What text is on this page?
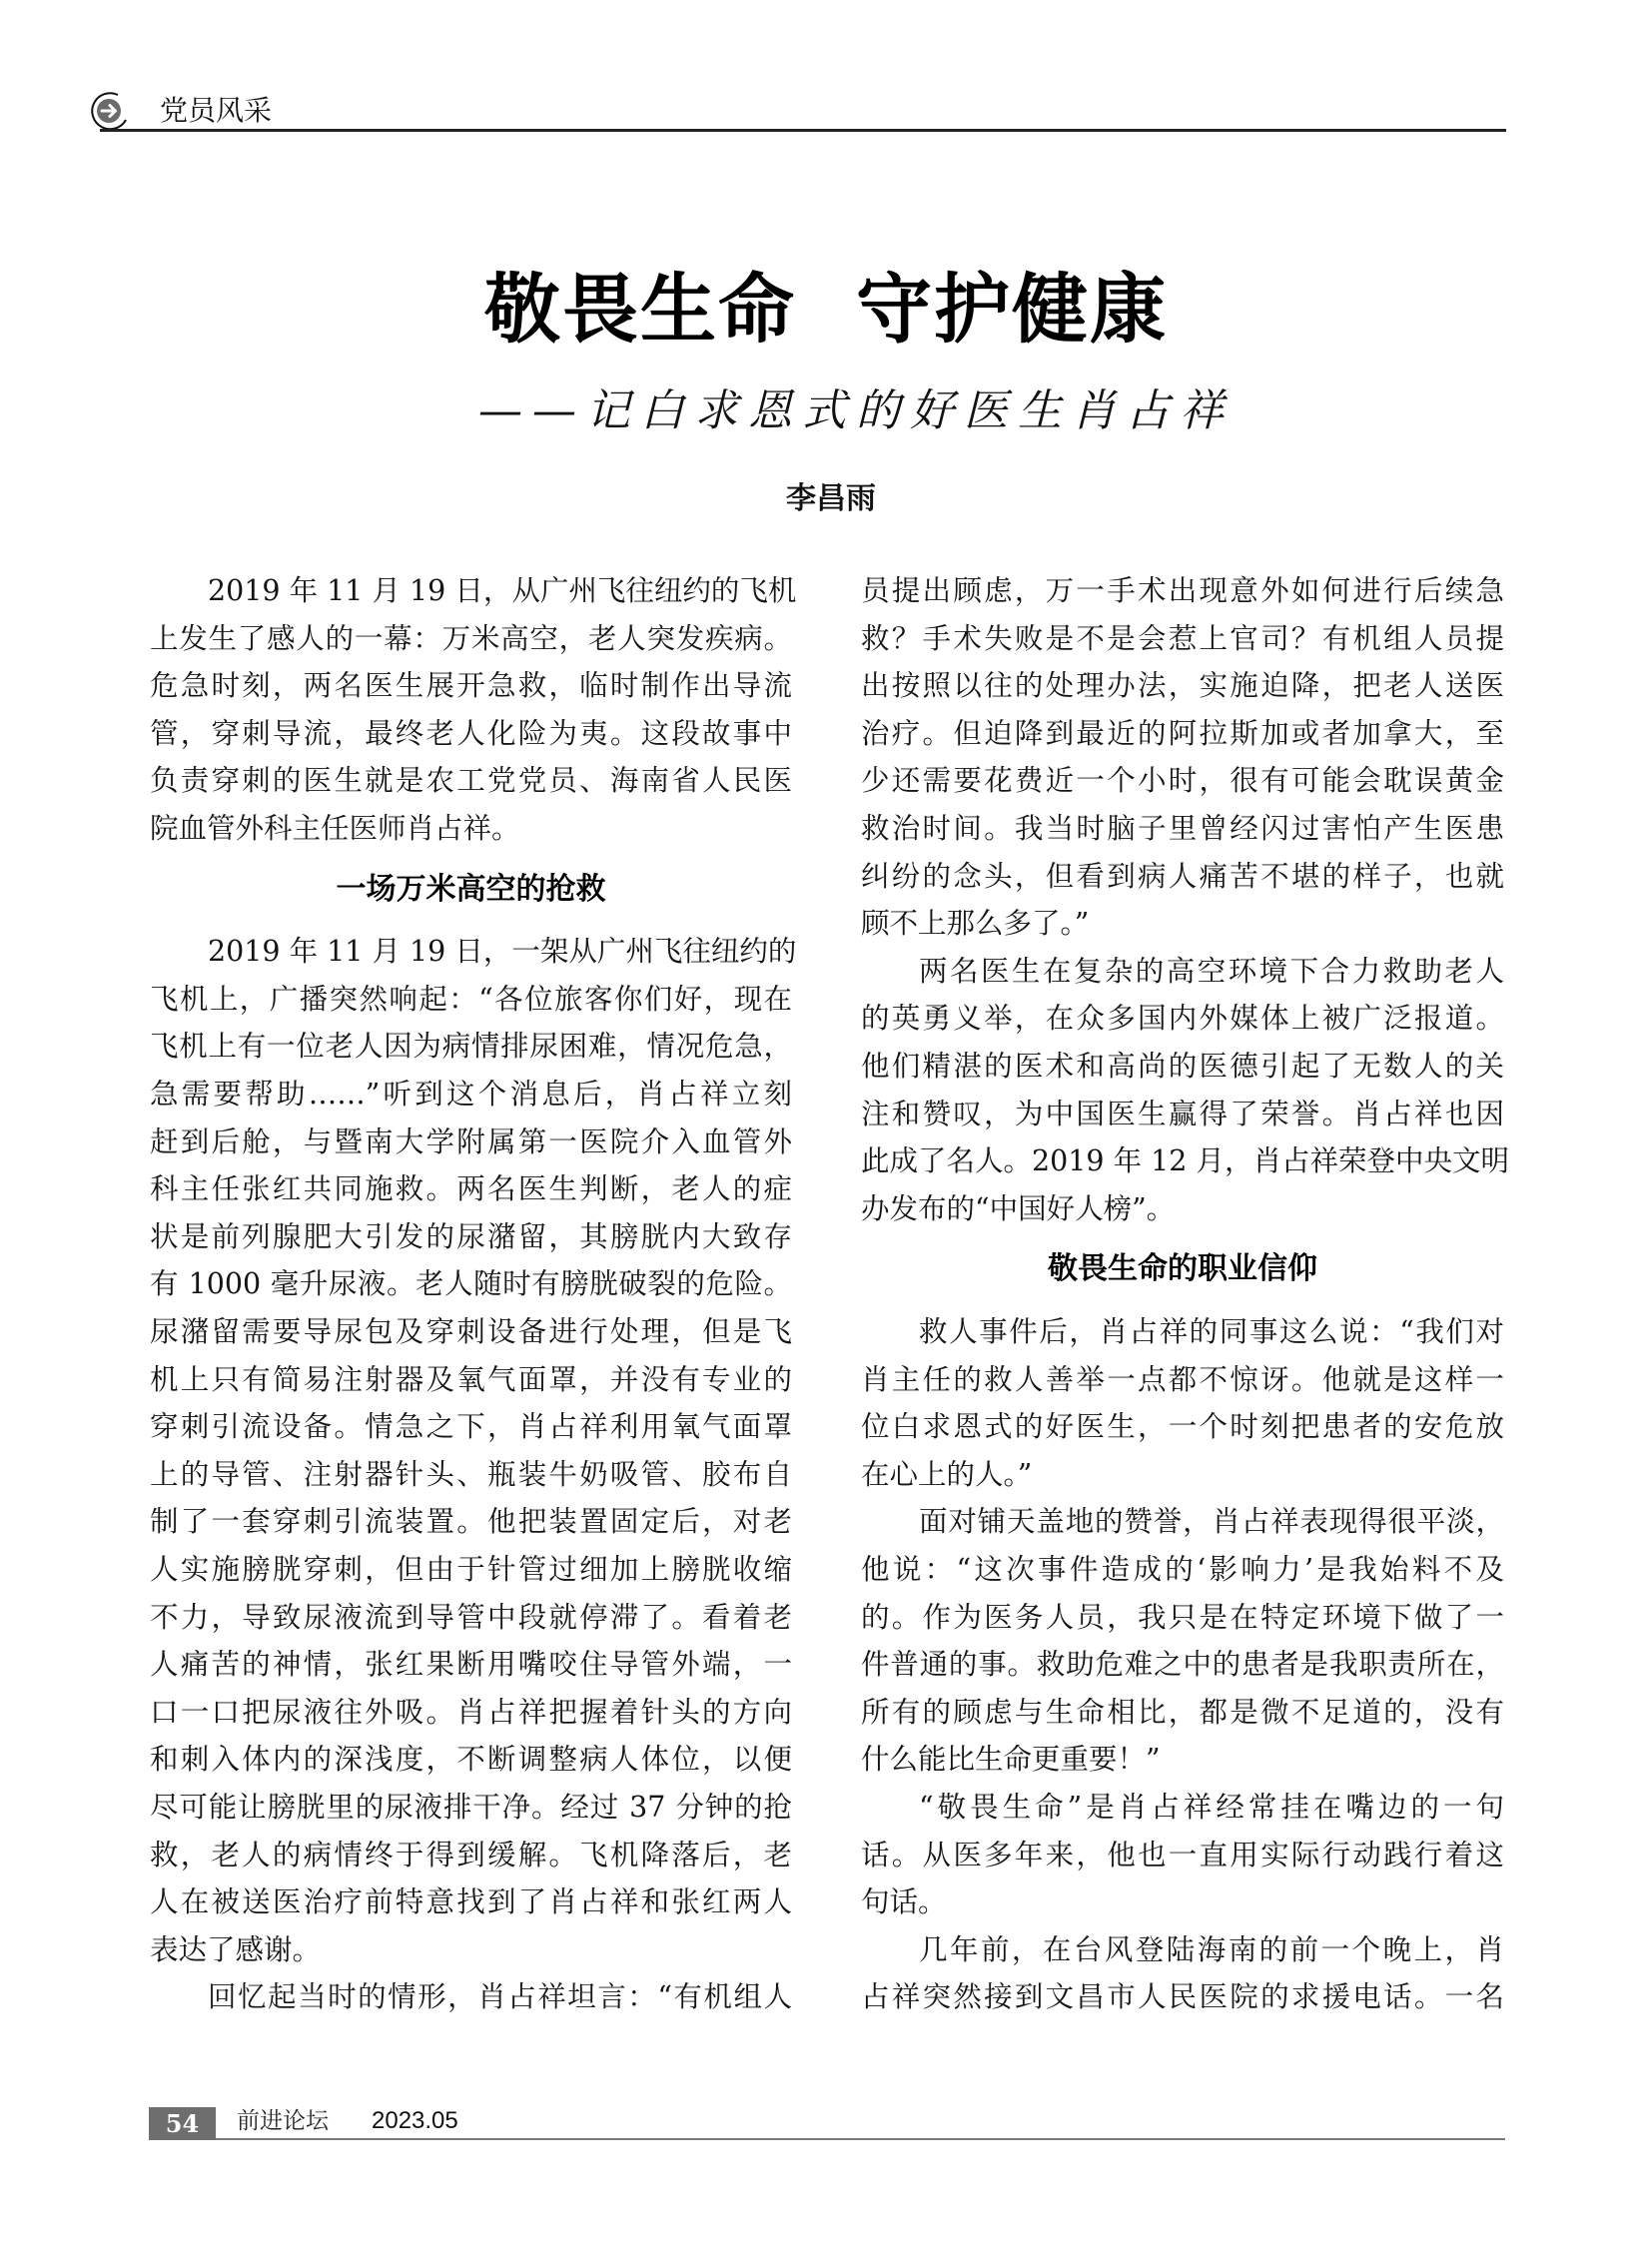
党员风采
敬畏生命 守护健康
——记白求恩式的好医生肖占祥
李昌雨
2019 年 11 月 19 日，从广州飞往纽约的飞机
上发生了感人的一幕：万米高空，老人突发疾病。
危急时刻，两名医生展开急救，临时制作出导流
管，穿刺导流，最终老人化险为夷。这段故事中
负责穿刺的医生就是农工党党员、海南省人民医
院血管外科主任医师肖占祥。
一场万米高空的抢救
2019 年 11 月 19 日，一架从广州飞往纽约的
飞机上，广播突然响起：“各位旅客你们好，现在
飞机上有一位老人因为病情排尿困难，情况危急，
急需要帮助……”听到这个消息后，肖占祥立刻
赶到后舱，与暨南大学附属第一医院介入血管外
科主任张红共同施救。两名医生判断，老人的症
状是前列腺肥大引发的尿潴留，其膀胱内大致存
有 1000 毫升尿液。老人随时有膀胱破裂的危险。
尿潴留需要导尿包及穿刺设备进行处理，但是飞
机上只有简易注射器及氧气面罩，并没有专业的
穿刺引流设备。情急之下，肖占祥利用氧气面罩
上的导管、注射器针头、瓶装牛奶吸管、胶布自
制了一套穿刺引流装置。他把装置固定后，对老
人实施膀胱穿刺，但由于针管过细加上膀胱收缩
不力，导致尿液流到导管中段就停滞了。看着老
人痛苦的神情，张红果断用嘴咬住导管外端，一
口一口把尿液往外吸。肖占祥把握着针头的方向
和刺入体内的深浅度，不断调整病人体位，以便
尽可能让膀胱里的尿液排干净。经过 37 分钟的抢
救，老人的病情终于得到缓解。飞机降落后，老
人在被送医治疗前特意找到了肖占祥和张红两人
表达了感谢。
回忆起当时的情形，肖占祥坦言：“有机组人
员提出顾虑，万一手术出现意外如何进行后续急
救？手术失败是不是会惹上官司？有机组人员提
出按照以往的处理办法，实施迫降，把老人送医
治疗。但迫降到最近的阿拉斯加或者加拿大，至
少还需要花费近一个小时，很有可能会耽误黄金
救治时间。我当时脑子里曾经闪过害怕产生医患
纠纷的念头，但看到病人痛苦不堪的样子，也就
顾不上那么多了。”
两名医生在复杂的高空环境下合力救助老人
的英勇义举，在众多国内外媒体上被广泛报道。
他们精湛的医术和高尚的医德引起了无数人的关
注和赞叹，为中国医生赢得了荣誉。肖占祥也因
此成了名人。2019 年 12 月，肖占祥荣登中央文明
办发布的“中国好人榜”。
敬畏生命的职业信仰
救人事件后，肖占祥的同事这么说：“我们对
肖主任的救人善举一点都不惊讶。他就是这样一
位白求恩式的好医生，一个时刻把患者的安危放
在心上的人。”
面对铺天盖地的赞誉，肖占祥表现得很平淡，
他说：“这次事件造成的‘影响力’是我始料不及
的。作为医务人员，我只是在特定环境下做了一
件普通的事。救助危难之中的患者是我职责所在，
所有的顾虑与生命相比，都是微不足道的，没有
什么能比生命更重要！”
“敬畏生命”是肖占祥经常挂在嘴边的一句
话。从医多年来，他也一直用实际行动践行着这
句话。
几年前，在台风登陆海南的前一个晚上，肖
占祥突然接到文昌市人民医院的求援电话。一名
54	前进论坛 2023.05
